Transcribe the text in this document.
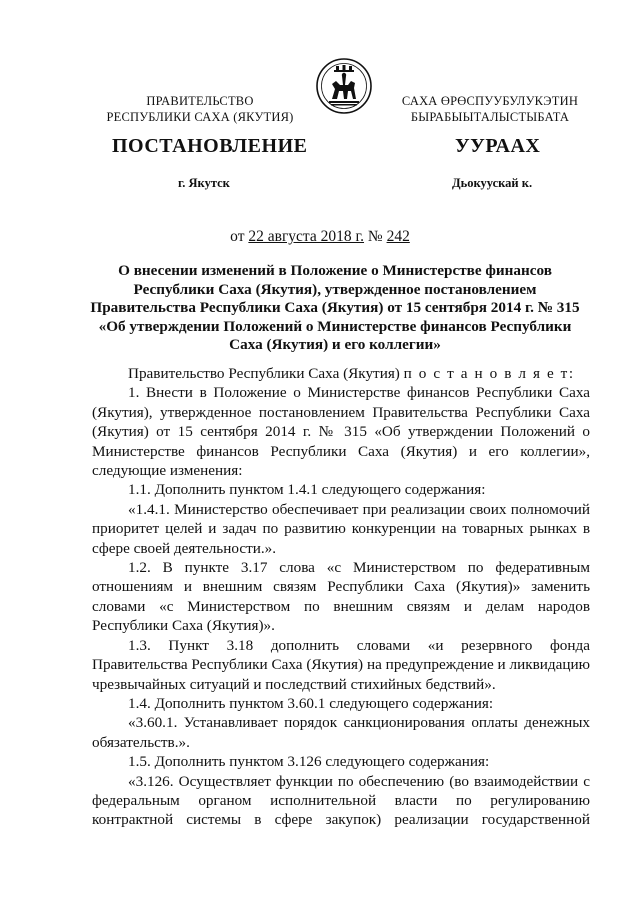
ПРАВИТЕЛЬСТВО
РЕСПУБЛИКИ САХА (ЯКУТИЯ)
САХА ӨРӨСПУУБУЛУКЭТИН
БЫРАБЫЫТАЛЫСТЫБАТА
ПОСТАНОВЛЕНИЕ	УУРААХ
г. Якутск	Дьокуускай к.
от 22 августа 2018 г. № 242
О внесении изменений в Положение о Министерстве финансов Республики Саха (Якутия), утвержденное постановлением Правительства Республики Саха (Якутия) от 15 сентября 2014 г. № 315 «Об утверждении Положений о Министерстве финансов Республики Саха (Якутия) и его коллегии»

Правительство Республики Саха (Якутия) п о с т а н о в л я е т:

1. Внести в Положение о Министерстве финансов Республики Саха (Якутия), утвержденное постановлением Правительства Республики Саха (Якутия) от 15 сентября 2014 г. № 315 «Об утверждении Положений о Министерстве финансов Республики Саха (Якутия) и его коллегии», следующие изменения:

1.1. Дополнить пунктом 1.4.1 следующего содержания:

«1.4.1. Министерство обеспечивает при реализации своих полномочий приоритет целей и задач по развитию конкуренции на товарных рынках в сфере своей деятельности.».

1.2. В пункте 3.17 слова «с Министерством по федеративным отношениям и внешним связям Республики Саха (Якутия)» заменить словами «с Министерством по внешним связям и делам народов Республики Саха (Якутия)».

1.3. Пункт 3.18 дополнить словами «и резервного фонда Правительства Республики Саха (Якутия) на предупреждение и ликвидацию чрезвычайных ситуаций и последствий стихийных бедствий».

1.4. Дополнить пунктом 3.60.1 следующего содержания:

«3.60.1. Устанавливает порядок санкционирования оплаты денежных обязательств.».

1.5. Дополнить пунктом 3.126 следующего содержания:

«3.126. Осуществляет функции по обеспечению (во взаимодействии с федеральным органом исполнительной власти по регулированию контрактной системы в сфере закупок) реализации государственной
